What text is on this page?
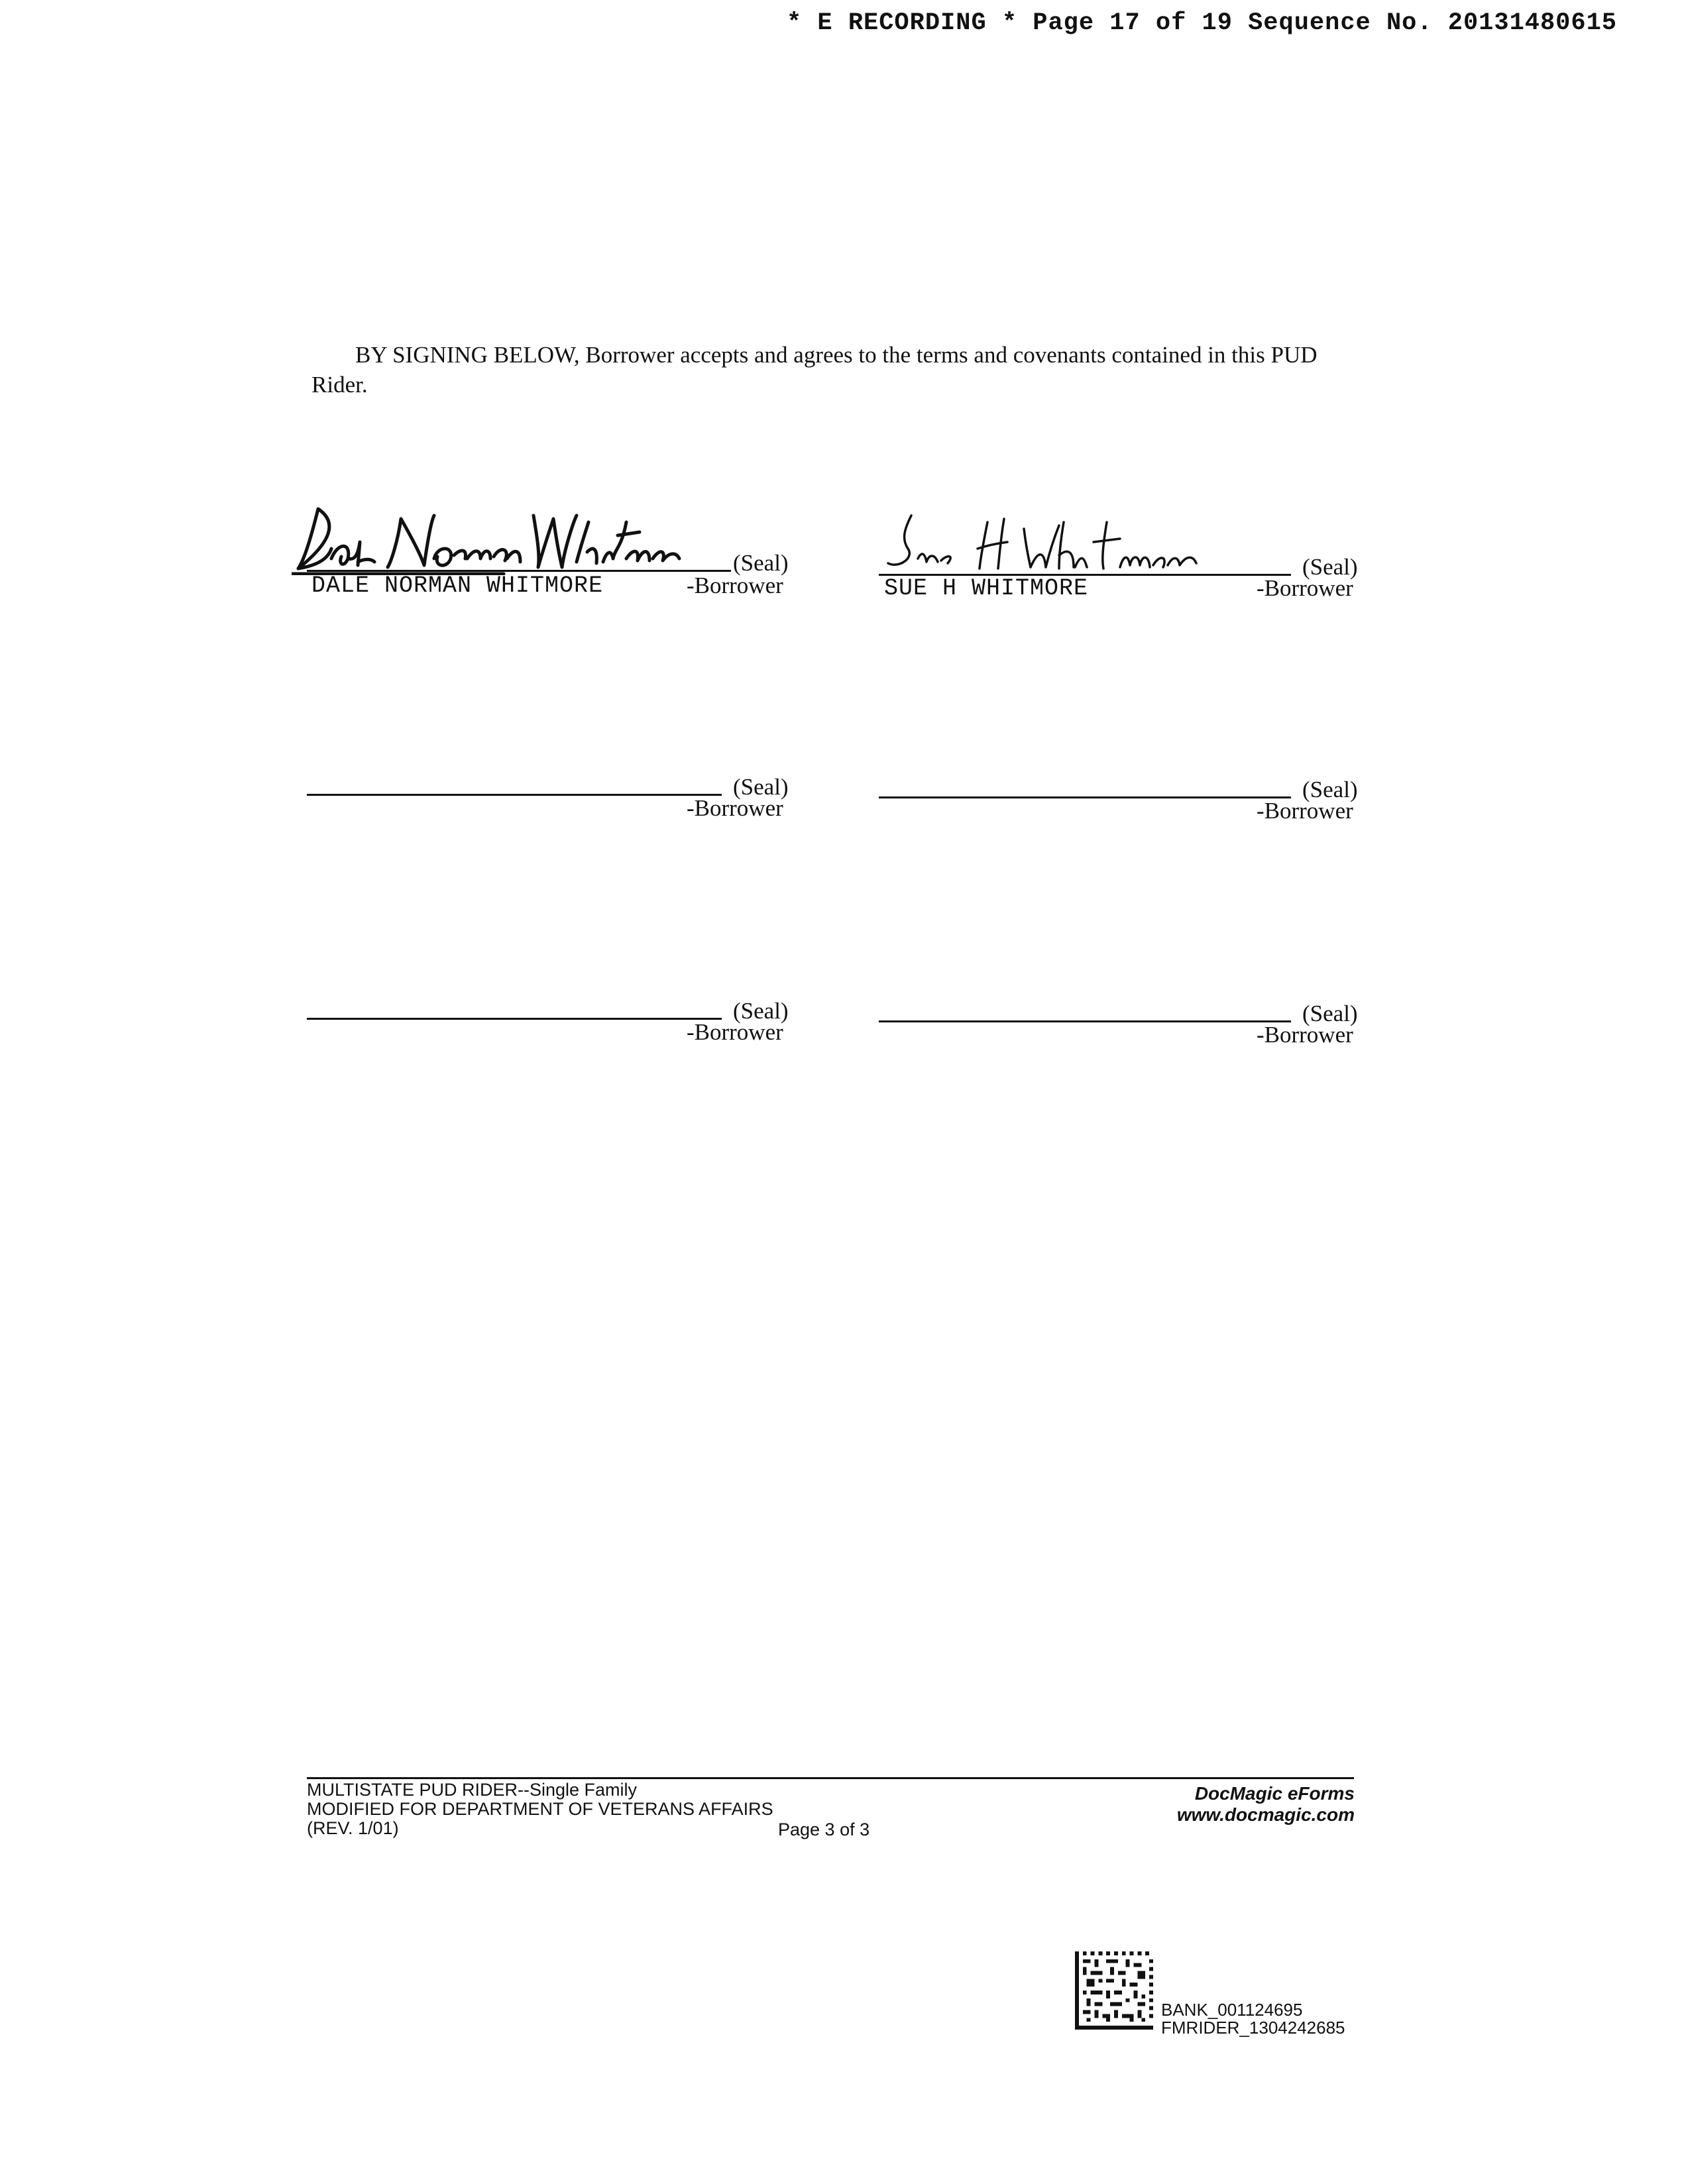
* E RECORDING * Page 17 of 19 Sequence No. 20131480615
BY SIGNING BELOW, Borrower accepts and agrees to the terms and covenants contained in this PUD Rider.
(Seal)
DALE NORMAN WHITMORE	-Borrower
(Seal)
SUE H WHITMORE	-Borrower
(Seal)
-Borrower
(Seal)
-Borrower
(Seal)
-Borrower
(Seal)
-Borrower
MULTISTATE PUD RIDER--Single Family
MODIFIED FOR DEPARTMENT OF VETERANS AFFAIRS
(REV. 1/01)	Page 3 of 3
DocMagic eForms
www.docmagic.com
BANK_001124695
FMRIDER_1304242685
